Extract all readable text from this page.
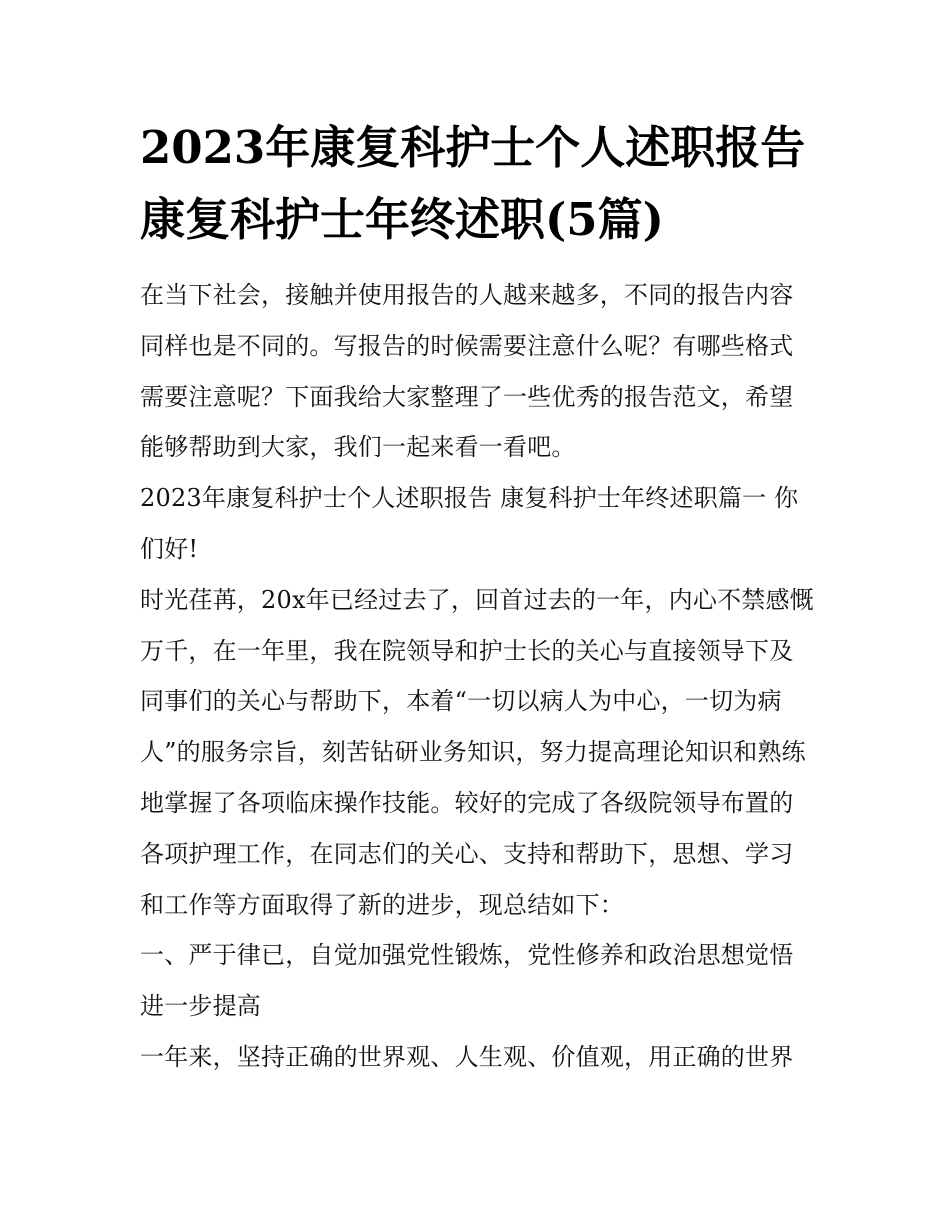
2023年康复科护士个人述职报告 康复科护士年终述职(5篇)

在当下社会，接触并使用报告的人越来越多，不同的报告内容同样也是不同的。写报告的时候需要注意什么呢？有哪些格式需要注意呢？下面我给大家整理了一些优秀的报告范文，希望能够帮助到大家，我们一起来看一看吧。

2023年康复科护士个人述职报告 康复科护士年终述职篇一 你们好!

时光荏苒，20x年已经过去了，回首过去的一年，内心不禁感慨万千，在一年里，我在院领导和护士长的关心与直接领导下及同事们的关心与帮助下，本着“一切以病人为中心，一切为病人”的服务宗旨，刻苦钻研业务知识，努力提高理论知识和熟练地掌握了各项临床操作技能。较好的完成了各级院领导布置的各项护理工作，在同志们的关心、支持和帮助下，思想、学习和工作等方面取得了新的进步，现总结如下：

一、严于律已，自觉加强党性锻炼，党性修养和政治思想觉悟进一步提高

一年来，坚持正确的世界观、人生观、价值观，用正确的世界
